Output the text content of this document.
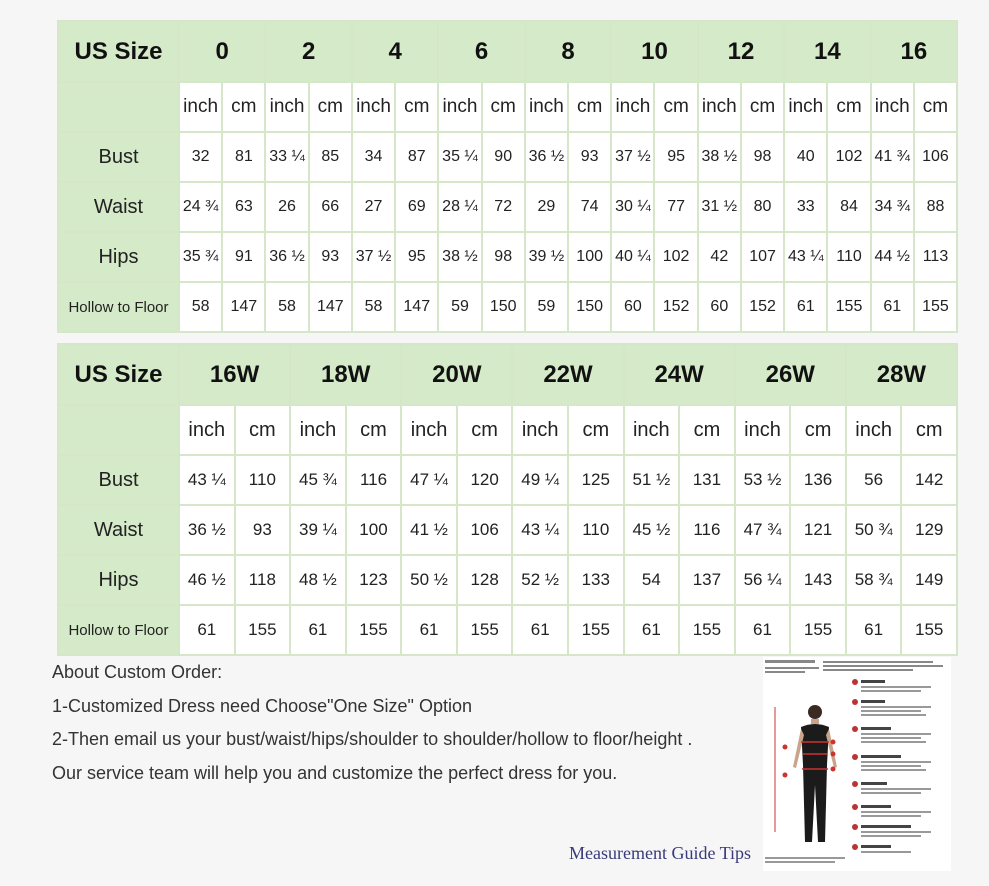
US Size	0		2		4		6		8		10		12		14		16	
	inch	cm	inch	cm	inch	cm	inch	cm	inch	cm	inch	cm	inch	cm	inch	cm	inch	cm
Bust	32	81	33 ¼	85	34	87	35 ¼	90	36 ½	93	37 ½	95	38 ½	98	40	102	41 ¾	106
Waist	24 ¾	63	26	66	27	69	28 ¼	72	29	74	30 ¼	77	31 ½	80	33	84	34 ¾	88
Hips	35 ¾	91	36 ½	93	37 ½	95	38 ½	98	39 ½	100	40 ¼	102	42	107	43 ¼	110	44 ½	113
Hollow to Floor	58	147	58	147	58	147	59	150	59	150	60	152	60	152	61	155	61	155
US Size	16W		18W		20W		22W		24W		26W		28W	
	inch	cm	inch	cm	inch	cm	inch	cm	inch	cm	inch	cm	inch	cm
Bust	43 ¼	110	45 ¾	116	47 ¼	120	49 ¼	125	51 ½	131	53 ½	136	56	142
Waist	36 ½	93	39 ¼	100	41 ½	106	43 ¼	110	45 ½	116	47 ¾	121	50 ¾	129
Hips	46 ½	118	48 ½	123	50 ½	128	52 ½	133	54	137	56 ¼	143	58 ¾	149
Hollow to Floor	61	155	61	155	61	155	61	155	61	155	61	155	61	155
About Custom Order:
1-Customized Dress need Choose"One Size" Option
2-Then email us your bust/waist/hips/shoulder to shoulder/hollow to floor/height .
Our service team will help you and customize the perfect dress for you.
Measurement Guide Tips
